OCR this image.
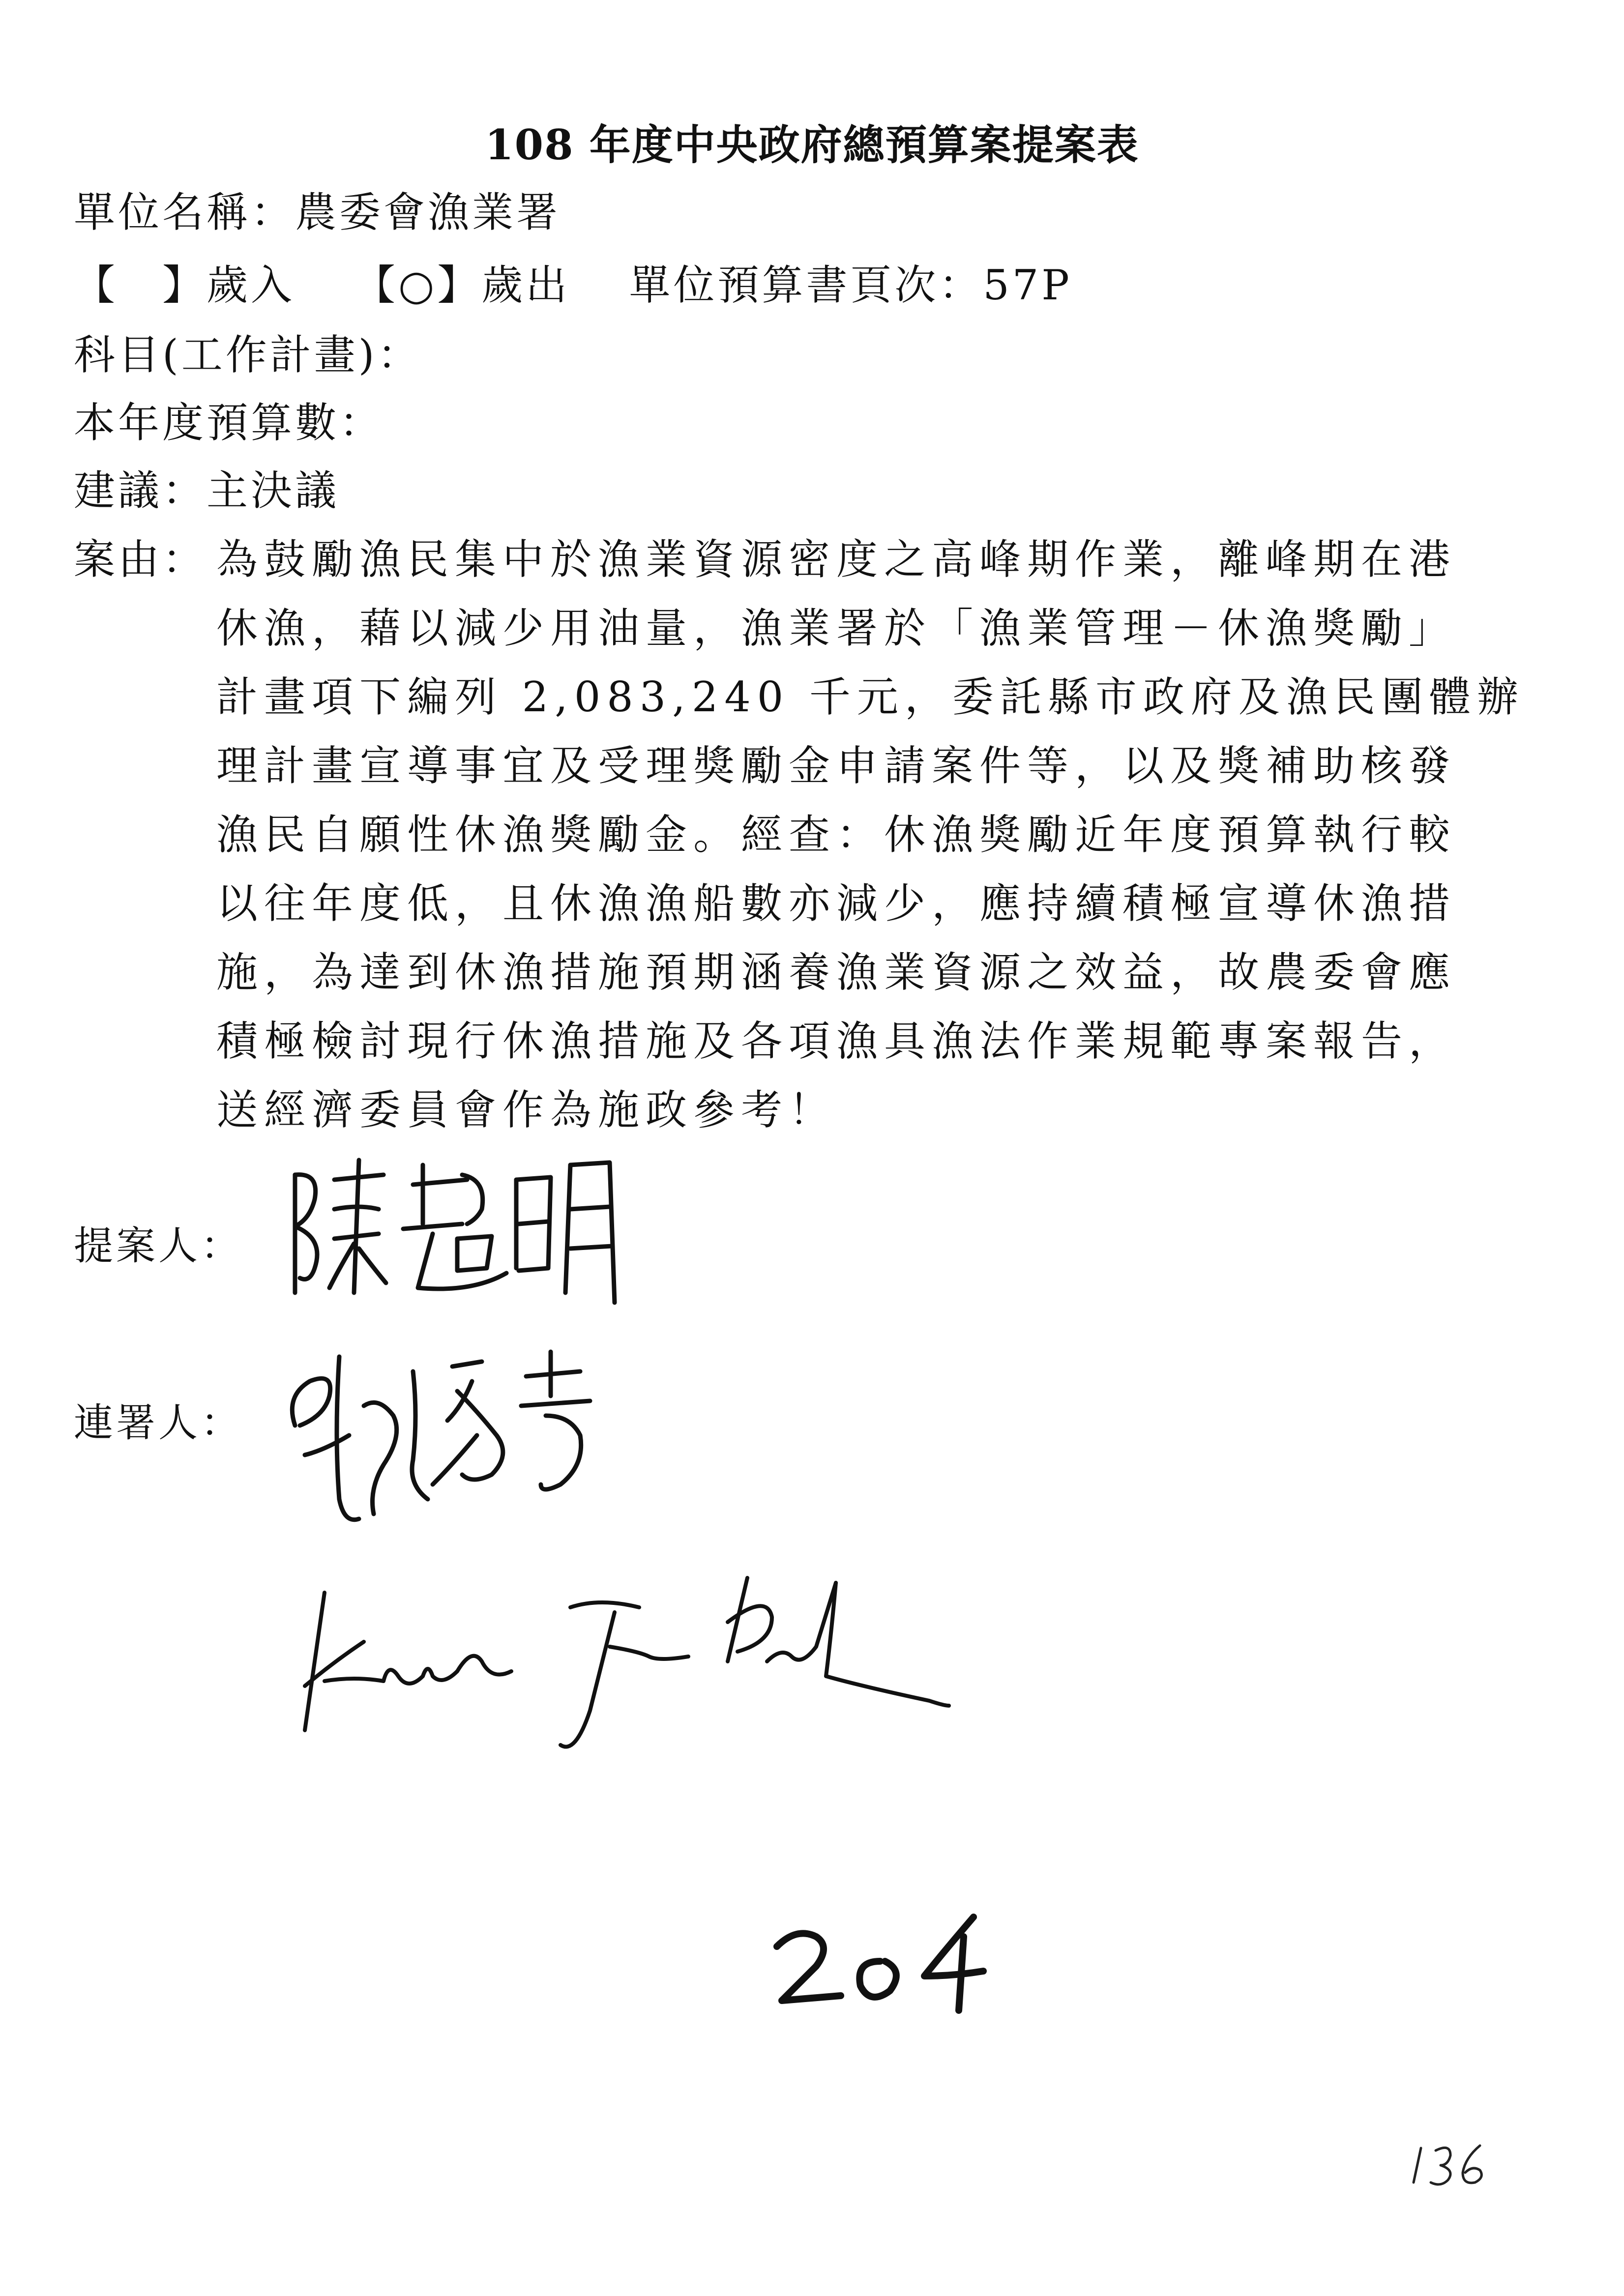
108 年度中央政府總預算案提案表
單位名稱：農委會漁業署
【　】歲入 【○】歲出 單位預算書頁次：57P
科目(工作計畫)：
本年度預算數：
建議：主決議
案由： 為鼓勵漁民集中於漁業資源密度之高峰期作業，離峰期在港
休漁，藉以減少用油量，漁業署於「漁業管理－休漁獎勵」
計畫項下編列 2,083,240 千元，委託縣市政府及漁民團體辦
理計畫宣導事宜及受理獎勵金申請案件等，以及獎補助核發
漁民自願性休漁獎勵金。經查：休漁獎勵近年度預算執行較
以往年度低，且休漁漁船數亦減少，應持續積極宣導休漁措
施，為達到休漁措施預期涵養漁業資源之效益，故農委會應
積極檢討現行休漁措施及各項漁具漁法作業規範專案報告，
送經濟委員會作為施政參考！
提案人：
連署人：
204
136
